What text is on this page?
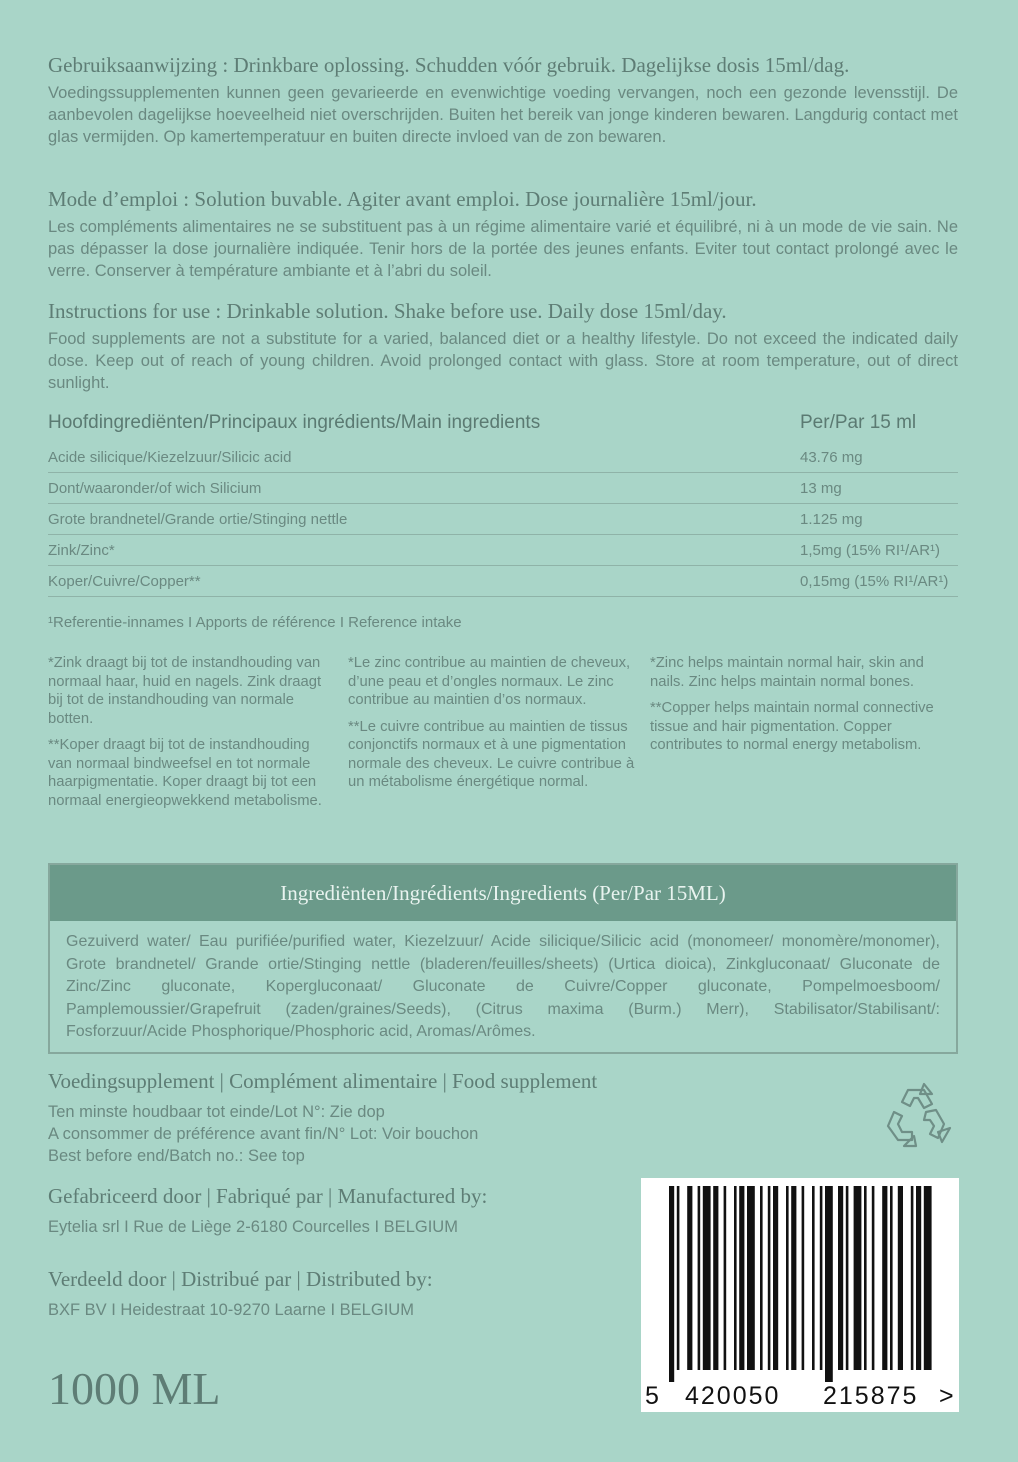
Gebruiksaanwijzing : Drinkbare oplossing. Schudden vóór gebruik. Dagelijkse dosis 15ml/dag.

Voedingssupplementen kunnen geen gevarieerde en evenwichtige voeding vervangen, noch een gezonde levensstijl. De aanbevolen dagelijkse hoeveelheid niet overschrijden. Buiten het bereik van jonge kinderen bewaren. Langdurig contact met glas vermijden. Op kamertemperatuur en buiten directe invloed van de zon bewaren.

Mode d’emploi : Solution buvable. Agiter avant emploi. Dose journalière 15ml/jour.

Les compléments alimentaires ne se substituent pas à un régime alimentaire varié et équilibré, ni à un mode de vie sain. Ne pas dépasser la dose journalière indiquée. Tenir hors de la portée des jeunes enfants. Eviter tout contact prolongé avec le verre. Conserver à température ambiante et à l’abri du soleil.

Instructions for use : Drinkable solution. Shake before use. Daily dose 15ml/day.

Food supplements are not a substitute for a varied, balanced diet or a healthy lifestyle. Do not exceed the indicated daily dose. Keep out of reach of young children. Avoid prolonged contact with glass. Store at room temperature, out of direct sunlight.

Hoofdingrediënten/Principaux ingrédients/Main ingredients	Per/Par 15 ml
Acide silicique/Kiezelzuur/Silicic acid	43.76 mg
Dont/waaronder/of wich Silicium	13 mg
Grote brandnetel/Grande ortie/Stinging nettle	1.125 mg
Zink/Zinc*	1,5mg (15% RI¹/AR¹)
Koper/Cuivre/Copper**	0,15mg (15% RI¹/AR¹)
¹Referentie-innames I Apports de référence I Reference intake

*Zink draagt bij tot de instandhouding van normaal haar, huid en nagels. Zink draagt bij tot de instandhouding van normale botten.

**Koper draagt bij tot de instandhouding van normaal bindweefsel en tot normale haarpigmentatie. Koper draagt bij tot een normaal energieopwekkend metabolisme.

*Le zinc contribue au maintien de cheveux, d’une peau et d’ongles normaux. Le zinc contribue au maintien d’os normaux.

**Le cuivre contribue au maintien de tissus conjonctifs normaux et à une pigmentation normale des cheveux. Le cuivre contribue à un métabolisme énergétique normal.

*Zinc helps maintain normal hair, skin and nails. Zinc helps maintain normal bones.

**Copper helps maintain normal connective tissue and hair pigmentation. Copper contributes to normal energy metabolism.

Ingrediënten/Ingrédients/Ingredients (Per/Par 15ML)
Gezuiverd water/ Eau purifiée/purified water, Kiezelzuur/ Acide silicique/Silicic acid (monomeer/ monomère/monomer), Grote brandnetel/ Grande ortie/Stinging nettle (bladeren/feuilles/sheets) (Urtica dioica), Zinkgluconaat/ Gluconate de Zinc/Zinc gluconate, Kopergluconaat/ Gluconate de Cuivre/Copper gluconate, Pompelmoesboom/ Pamplemoussier/Grapefruit (zaden/graines/Seeds), (Citrus maxima (Burm.) Merr), Stabilisator/Stabilisant/: Fosforzuur/Acide Phosphorique/Phosphoric acid, Aromas/Arômes.
Voedingsupplement | Complément alimentaire | Food supplement

Ten minste houdbaar tot einde/Lot N°: Zie dop

A consommer de préférence avant fin/N° Lot: Voir bouchon

Best before end/Batch no.: See top

Gefabriceerd door | Fabriqué par | Manufactured by:

Eytelia srl I Rue de Liège 2-6180 Courcelles I BELGIUM

Verdeeld door | Distribué par | Distributed by:

BXF BV I Heidestraat 10-9270 Laarne I BELGIUM

1000 ML	5 420050 215875 >
